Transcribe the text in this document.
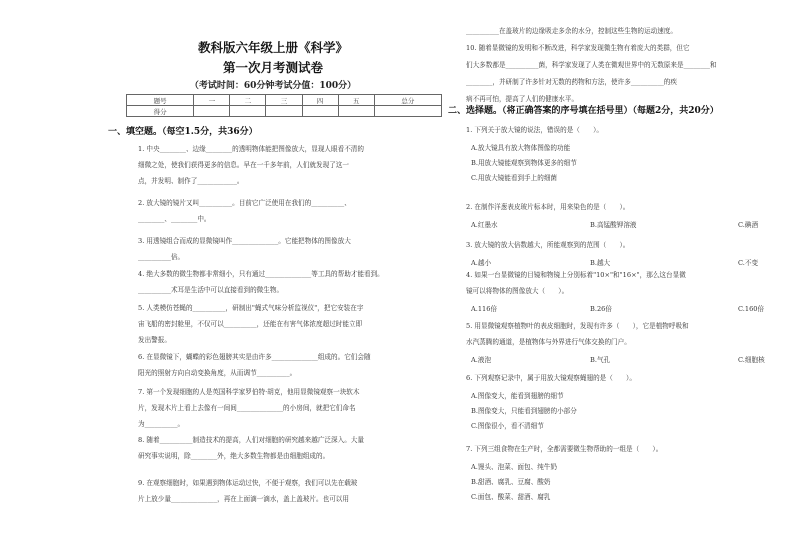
教科版六年级上册《科学》
第一次月考测试卷
（考试时间：60分钟考试分值：100分）
题号	一	二	三	四	五	总分
得分						
一、填空题。（每空1.5分，共36分）
1. 中央________、边缘________的透明物体能把图像放大，显现人眼看不清的
细微之处，使我们获得更多的信息。早在一千多年前，人们就发现了这一
点，并发明、制作了____________。
2. 放大镜的镜片又叫__________。目前它广泛使用在我们的__________、
________、________中。
3. 用透镜组合而成的显微镜叫作______________。它能把物体的图像放大
__________倍。
4. 绝大多数的微生物都非常细小，只有通过______________等工具的帮助才能看到。
__________术耳是生活中可以直接看到的微生物。
5. 人类模仿苍蝇的__________，研制出"蝇式气味分析监视仪"，把它安装在宇
宙飞船的密封舱里，不仅可以__________，还能在有害气体浓度超过时能立即
发出警报。
6. 在显微镜下，蝴蝶的彩色翅膀其实是由许多______________组成的。它们会随
阳光的照射方向自动变换角度，从而调节__________。
7. 第一个发现细胞的人是英国科学家罗伯特·胡克，他用显微镜观察一块软木
片，发现木片上看上去像有一间间______________的小房间，就把它们命名
为__________。
8. 随着__________制造技术的提高，人们对细胞的研究越来越广泛深入。大量
研究事实说明，除________外，绝大多数生物都是由细胞组成的。
9. 在观察细胞时，如果遇到物体运动过快，不便于观察，我们可以先在载玻
片上放少量______________，再在上面滴一滴水，盖上盖玻片。也可以用
__________在盖玻片的边缘吸走多余的水分，控制这些生物的运动速度。
10. 随着显微镜的发明和不断改进，科学家发现微生物有着庞大的类群，但它
们大多数都是__________菌，科学家发现了人类在微观世界中的无数原来是________和
________，并研制了许多针对无数的药物和方法，使许多__________的疾
病不再可怕，提高了人们的健康水平。
二、选择题。（将正确答案的序号填在括号里）（每题2分，共20分）
1. 下列关于放大镜的说法，错误的是（　　）。
A.放大镜具有放大物体图像的功能
B.用放大镜能观察到物体更多的细节
C.用放大镜能看到手上的细菌
2. 在制作洋葱表皮玻片标本时，用来染色的是（　　）。
A.红墨水	B.高锰酸钾溶液	C.碘酒
3. 放大镜的放大倍数越大，所能观察到的范围（　　）。
A.越小	B.越大	C.不变
4. 如果一台显微镜的目镜和物镜上分别标着"10×"和"16×"，那么这台显微
镜可以将物体的图像放大（　　）。
A.116倍	B.26倍	C.160倍
5. 用显微镜观察植物叶的表皮细胞时，发现有许多（　　），它是植物呼吸和
水汽蒸腾的通道，是植物体与外界进行气体交换的门户。
A.液泡	B.气孔	C.细胞核
6. 下列观察记录中，属于用放大镜观察蝇翅的是（　　）。
A.图像变大，能看到翅膀的细节
B.图像变大，只能看到翅膀的小部分
C.图像很小，看不清细节
7. 下列三组食物在生产时，全都需要微生物帮助的一组是（　　）。
A.馒头、泡菜、面包、纯牛奶
B.甜酒、腐乳、豆腐、酸奶
C.面包、酸菜、甜酒、腐乳
